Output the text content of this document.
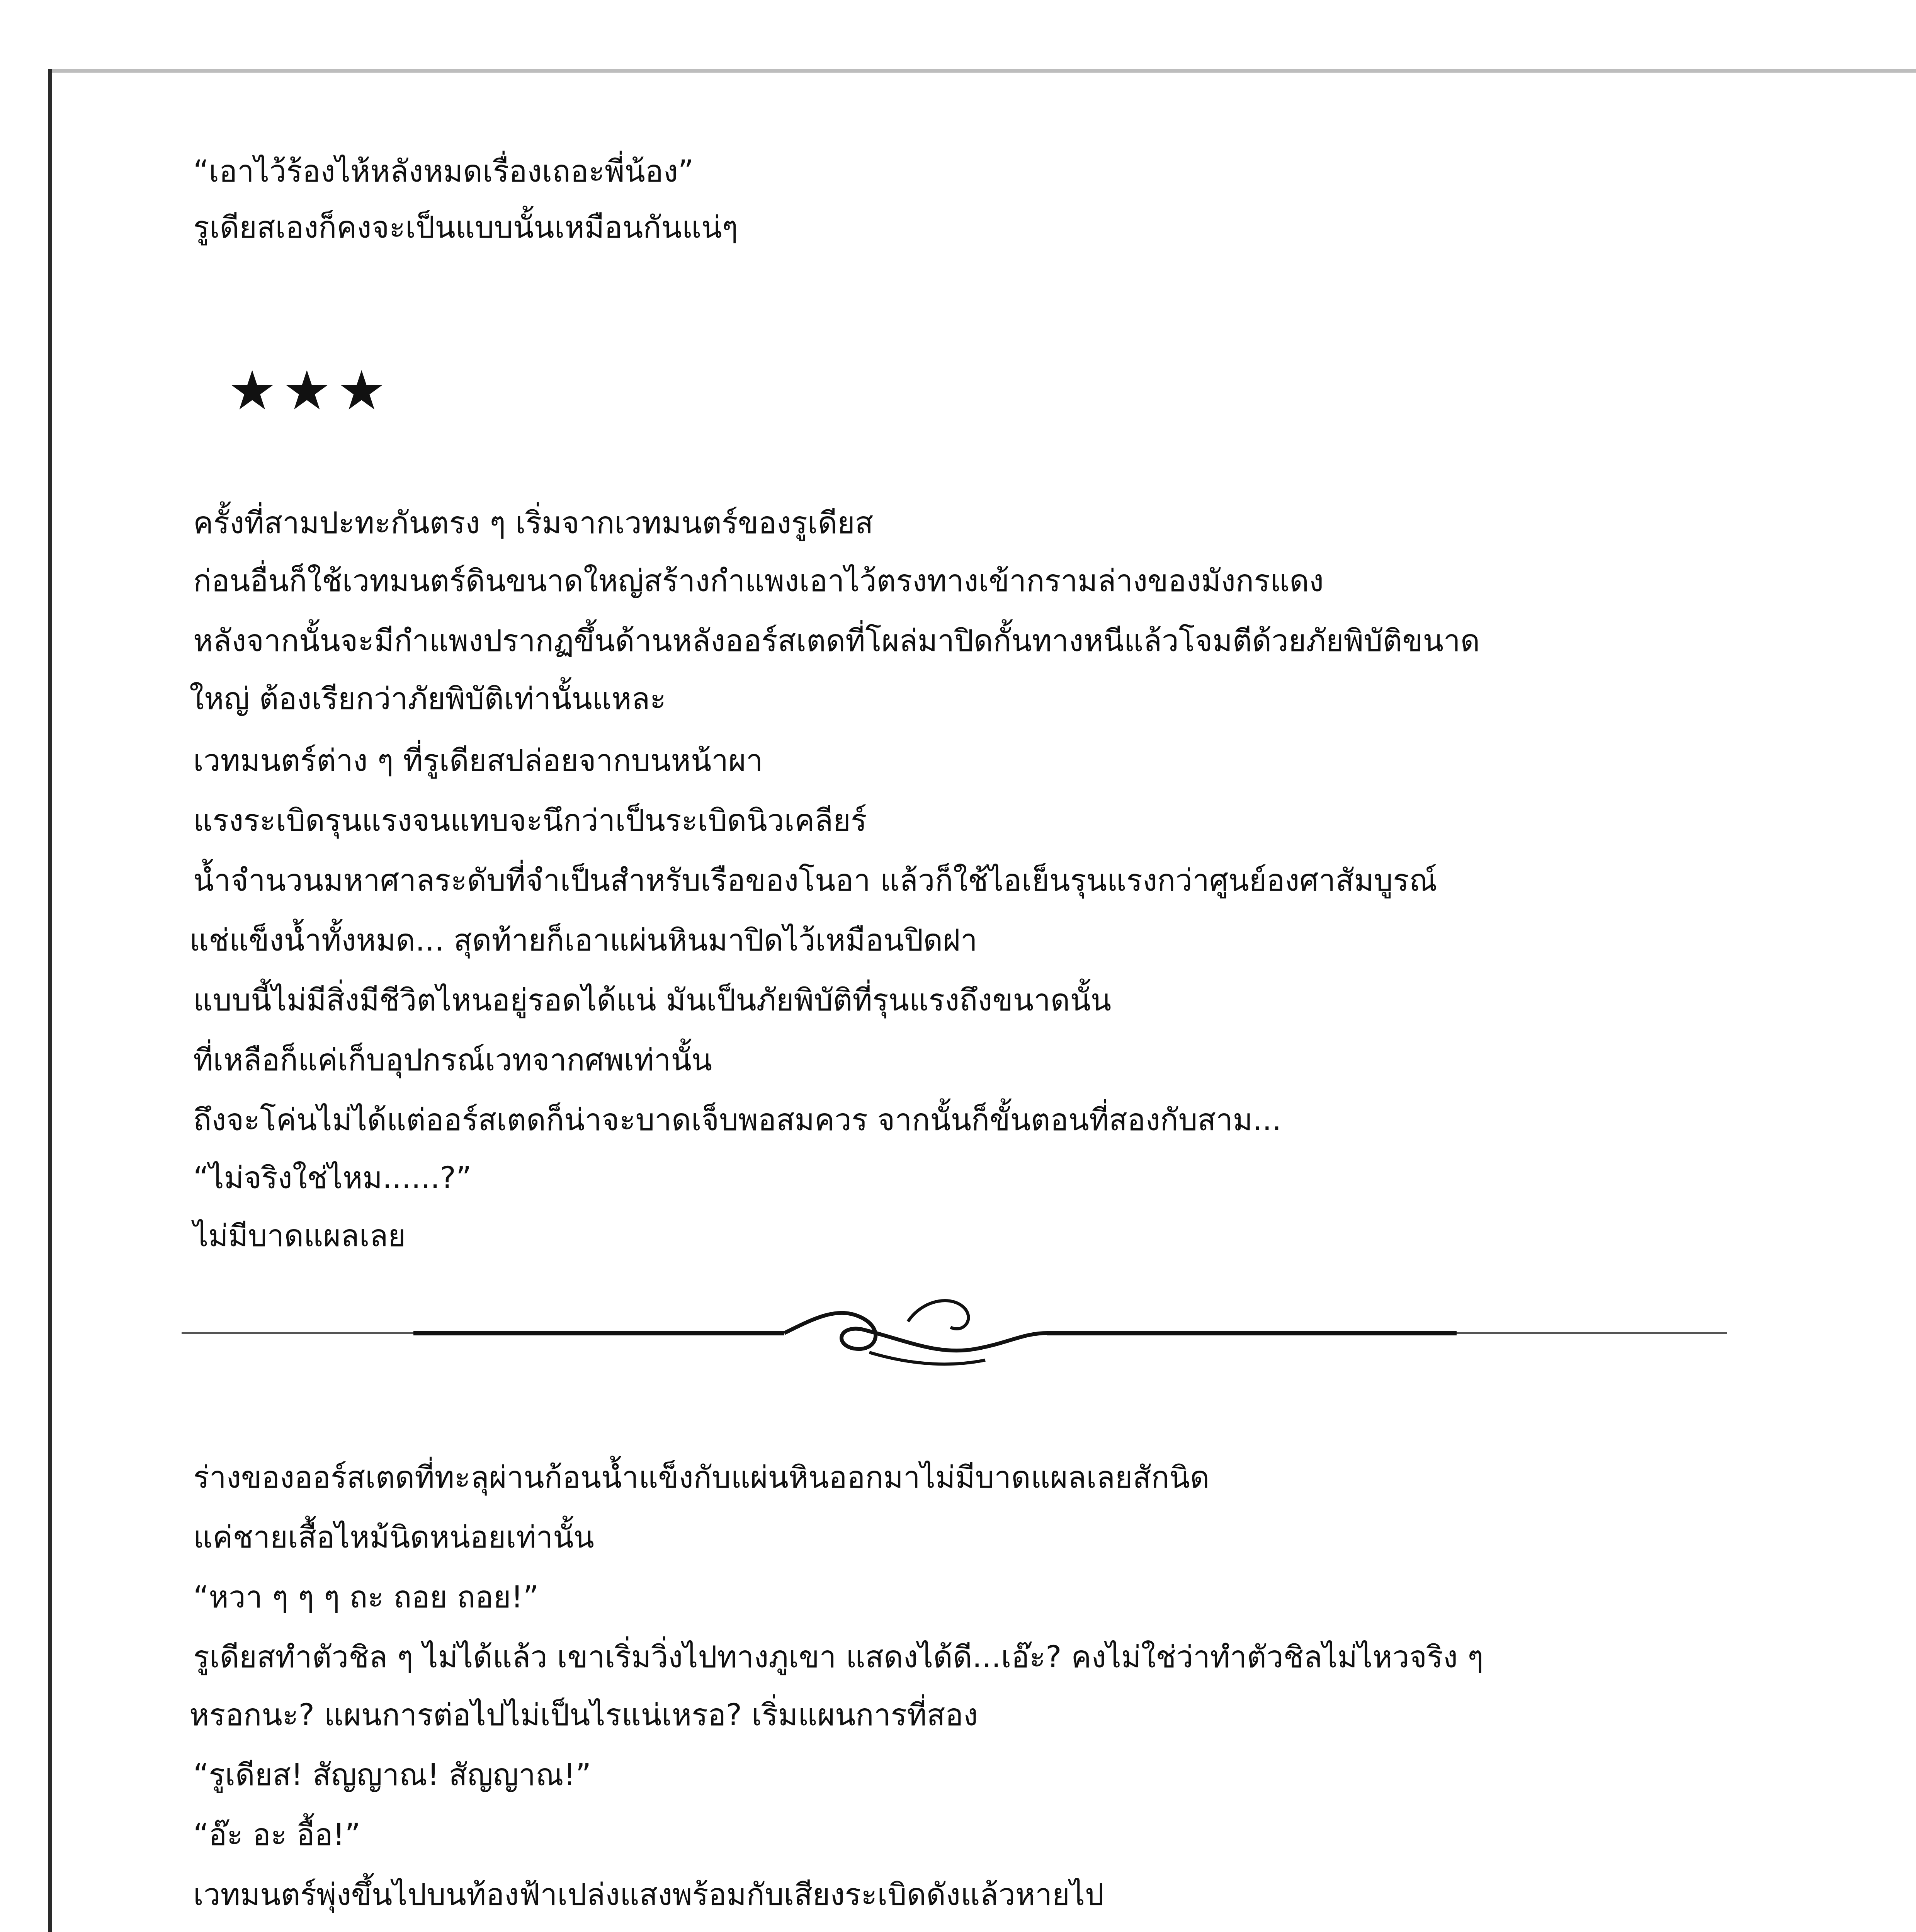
“เอาไว้ร้องไห้หลังหมดเรื่องเถอะพี่น้อง”

รูเดียสเองก็คงจะเป็นแบบนั้นเหมือนกันแน่ๆ

★★★

ครั้งที่สามปะทะกันตรง ๆ เริ่มจากเวทมนตร์ของรูเดียส

ก่อนอื่นก็ใช้เวทมนตร์ดินขนาดใหญ่สร้างกำแพงเอาไว้ตรงทางเข้ากรามล่างของมังกรแดง

หลังจากนั้นจะมีกำแพงปรากฏขึ้นด้านหลังออร์สเตดที่โผล่มาปิดกั้นทางหนีแล้วโจมตีด้วยภัยพิบัติขนาด

ใหญ่ ต้องเรียกว่าภัยพิบัติเท่านั้นแหละ

เวทมนตร์ต่าง ๆ ที่รูเดียสปล่อยจากบนหน้าผา

แรงระเบิดรุนแรงจนแทบจะนึกว่าเป็นระเบิดนิวเคลียร์

น้ำจำนวนมหาศาลระดับที่จำเป็นสำหรับเรือของโนอา แล้วก็ใช้ไอเย็นรุนแรงกว่าศูนย์องศาสัมบูรณ์

แช่แข็งน้ำทั้งหมด... สุดท้ายก็เอาแผ่นหินมาปิดไว้เหมือนปิดฝา

แบบนี้ไม่มีสิ่งมีชีวิตไหนอยู่รอดได้แน่ มันเป็นภัยพิบัติที่รุนแรงถึงขนาดนั้น

ที่เหลือก็แค่เก็บอุปกรณ์เวทจากศพเท่านั้น

ถึงจะโค่นไม่ได้แต่ออร์สเตดก็น่าจะบาดเจ็บพอสมควร จากนั้นก็ขั้นตอนที่สองกับสาม...

“ไม่จริงใช่ไหม......?”

ไม่มีบาดแผลเลย

ร่างของออร์สเตดที่ทะลุผ่านก้อนน้ำแข็งกับแผ่นหินออกมาไม่มีบาดแผลเลยสักนิด

แค่ชายเสื้อไหม้นิดหน่อยเท่านั้น

“หวา ๆ ๆ ๆ ถะ ถอย ถอย!”

รูเดียสทำตัวชิล ๆ ไม่ได้แล้ว เขาเริ่มวิ่งไปทางภูเขา แสดงได้ดี...เอ๊ะ? คงไม่ใช่ว่าทำตัวชิลไม่ไหวจริง ๆ

หรอกนะ? แผนการต่อไปไม่เป็นไรแน่เหรอ? เริ่มแผนการที่สอง

“รูเดียส! สัญญาณ! สัญญาณ!”

“อ๊ะ อะ อื้อ!”

เวทมนตร์พุ่งขึ้นไปบนท้องฟ้าเปล่งแสงพร้อมกับเสียงระเบิดดังแล้วหายไป
